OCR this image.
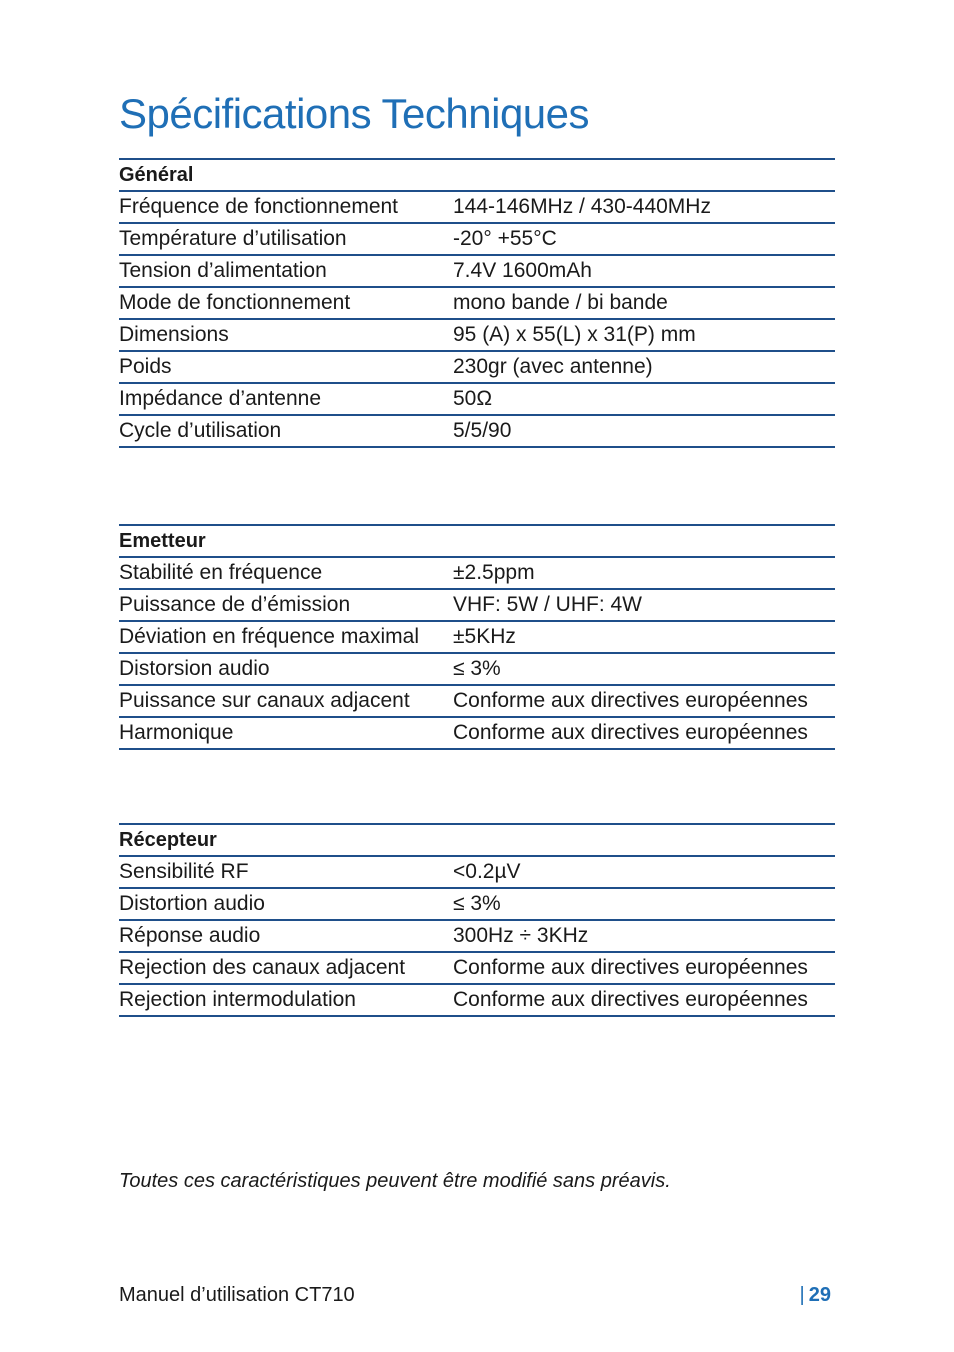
Spécifications Techniques
Général
Fréquence de fonctionnement	144-146MHz / 430-440MHz
Température d’utilisation	-20° +55°C
Tension d’alimentation	7.4V 1600mAh
Mode de fonctionnement	mono bande / bi bande
Dimensions	95 (A) x 55(L) x 31(P) mm
Poids	230gr (avec antenne)
Impédance d’antenne	50Ω
Cycle d’utilisation	5/5/90
Emetteur
Stabilité en fréquence	±2.5ppm
Puissance de d’émission	VHF: 5W / UHF: 4W
Déviation en fréquence maximal	±5KHz
Distorsion audio	≤ 3%
Puissance sur canaux adjacent	Conforme aux directives européennes
Harmonique	Conforme aux directives européennes
Récepteur
Sensibilité RF	<0.2µV
Distortion audio	≤ 3%
Réponse audio	300Hz ÷ 3KHz
Rejection des canaux adjacent	Conforme aux directives européennes
Rejection intermodulation	Conforme aux directives européennes
Toutes ces caractéristiques peuvent être modifié sans préavis.
Manuel d’utilisation CT710	| 29
